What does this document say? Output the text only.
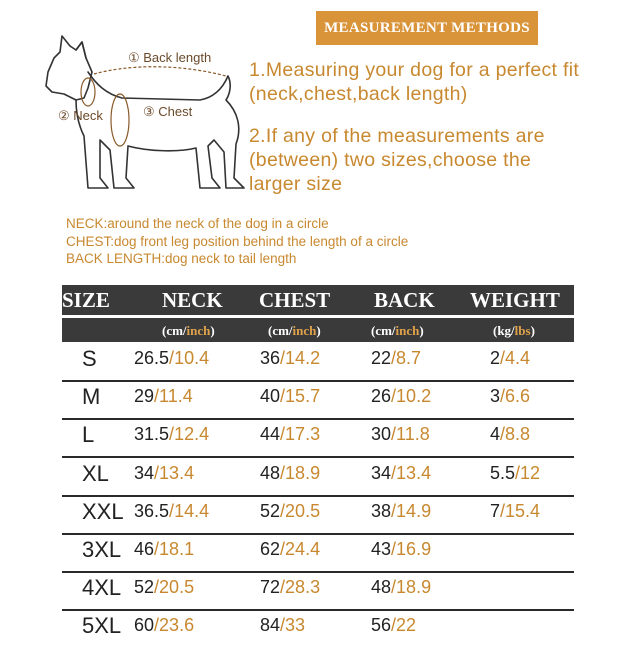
① Back length
③ Chest
② Neck
MEASUREMENT METHODS
1.Measuring your dog for a perfect fit
(neck,chest,back length)
2.If any of the measurements are
(between) two sizes,choose the
larger size
NECK:around the neck of the dog in a circle
CHEST:dog front leg position behind the length of a circle
BACK LENGTH:dog neck to tail length
SIZE NECK CHEST BACK WEIGHT
(cm/inch)	(cm/inch)	(cm/inch)	(kg/lbs)
S 26.5/10.4	36/14.2	22/8.7	2/4.4
M 29/11.4	40/15.7	26/10.2	3/6.6
L 31.5/12.4	44/17.3	30/11.8	4/8.8
XL 34/13.4	48/18.9	34/13.4	5.5/12
XXL 36.5/14.4	52/20.5	38/14.9	7/15.4
3XL 46/18.1	62/24.4	43/16.9
4XL 52/20.5	72/28.3	48/18.9
5XL 60/23.6	84/33	56/22
